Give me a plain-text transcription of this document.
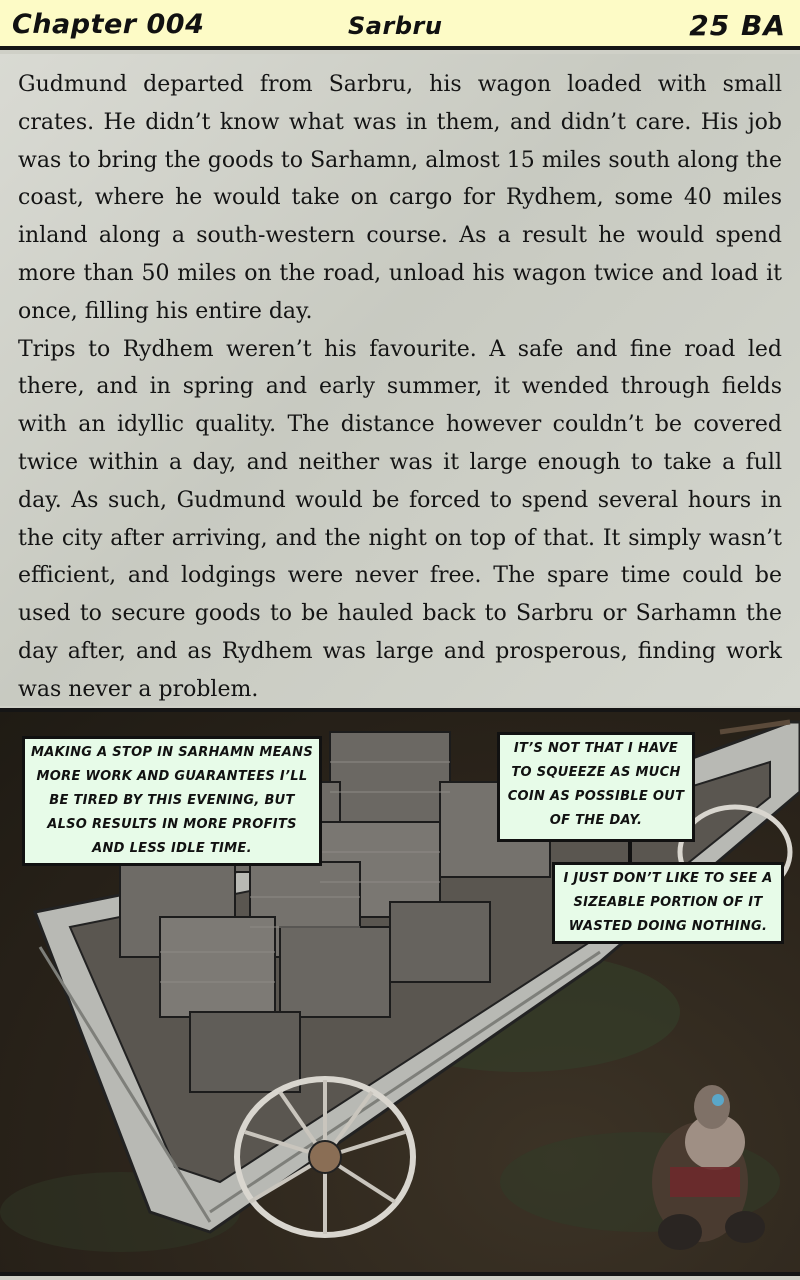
Chapter 004	Sarbru	25 BA

Gudmund departed from Sarbru, his wagon loaded with small crates. He didn’t know what was in them, and didn’t care. His job was to bring the goods to Sarhamn, almost 15 miles south along the coast, where he would take on cargo for Rydhem, some 40 miles inland along a south-western course. As a result he would spend more than 50 miles on the road, unload his wagon twice and load it once, filling his entire day.

Trips to Rydhem weren’t his favourite. A safe and fine road led there, and in spring and early summer, it wended through fields with an idyllic quality. The distance however couldn’t be covered twice within a day, and neither was it large enough to take a full day. As such, Gudmund would be forced to spend several hours in the city after arriving, and the night on top of that. It simply wasn’t efficient, and lodgings were never free. The spare time could be used to secure goods to be hauled back to Sarbru or Sarhamn the day after, and as Rydhem was large and prosperous, finding work was never a problem.

MAKING A STOP IN SARHAMN MEANS MORE WORK AND GUARANTEES I’LL BE TIRED BY THIS EVENING, BUT ALSO RESULTS IN MORE PROFITS AND LESS IDLE TIME.
IT’S NOT THAT I HAVE TO SQUEEZE AS MUCH COIN AS POSSIBLE OUT OF THE DAY.
I JUST DON’T LIKE TO SEE A SIZEABLE PORTION OF IT WASTED DOING NOTHING.
